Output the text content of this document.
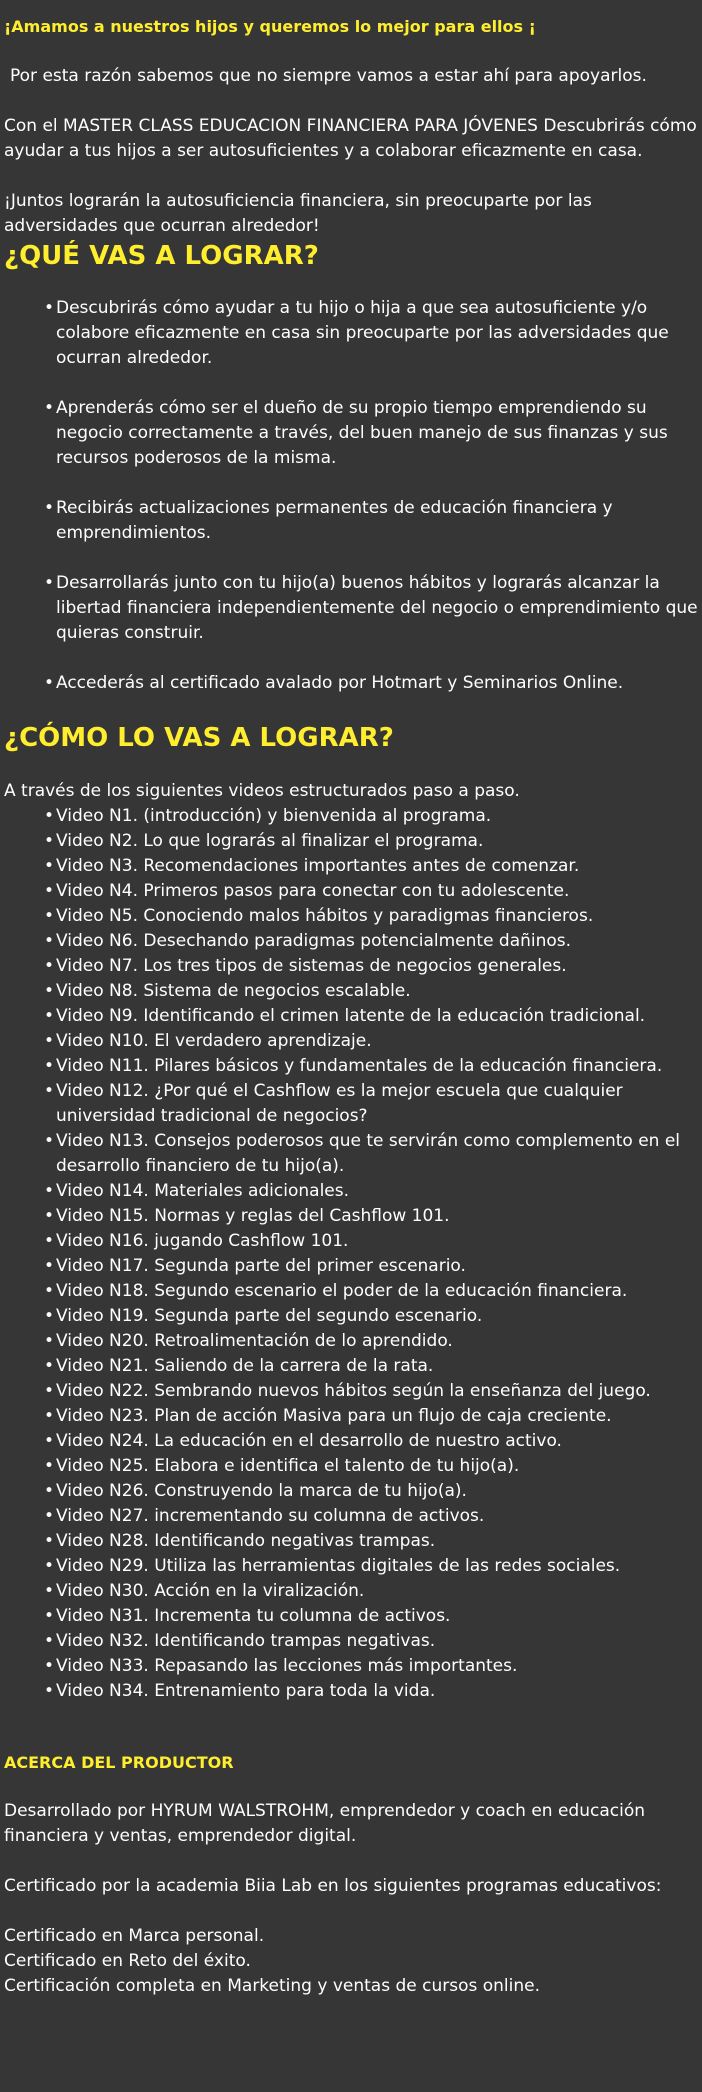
¡Amamos a nuestros hijos y queremos lo mejor para ellos ¡

Por esta razón sabemos que no siempre vamos a estar ahí para apoyarlos.

Con el MASTER CLASS EDUCACION FINANCIERA PARA JÓVENES Descubrirás cómo ayudar a tus hijos a ser autosuficientes y a colaborar eficazmente en casa.

¡Juntos lograrán la autosuficiencia financiera, sin preocuparte por las adversidades que ocurran alrededor!

¿QUÉ VAS A LOGRAR?
• Descubrirás cómo ayudar a tu hijo o hija a que sea autosuficiente y/o colabore eficazmente en casa sin preocuparte por las adversidades que ocurran alrededor.
• Aprenderás cómo ser el dueño de su propio tiempo emprendiendo su negocio correctamente a través, del buen manejo de sus finanzas y sus recursos poderosos de la misma.
• Recibirás actualizaciones permanentes de educación financiera y emprendimientos.
• Desarrollarás junto con tu hijo(a) buenos hábitos y lograrás alcanzar la libertad financiera independientemente del negocio o emprendimiento que quieras construir.
• Accederás al certificado avalado por Hotmart y Seminarios Online.
¿CÓMO LO VAS A LOGRAR?

A través de los siguientes videos estructurados paso a paso.

• Video N1. (introducción) y bienvenida al programa.
• Video N2. Lo que lograrás al finalizar el programa.
• Video N3. Recomendaciones importantes antes de comenzar.
• Video N4. Primeros pasos para conectar con tu adolescente.
• Video N5. Conociendo malos hábitos y paradigmas financieros.
• Video N6. Desechando paradigmas potencialmente dañinos.
• Video N7. Los tres tipos de sistemas de negocios generales.
• Video N8. Sistema de negocios escalable.
• Video N9. Identificando el crimen latente de la educación tradicional.
• Video N10. El verdadero aprendizaje.
• Video N11. Pilares básicos y fundamentales de la educación financiera.
• Video N12. ¿Por qué el Cashflow es la mejor escuela que cualquier universidad tradicional de negocios?
• Video N13. Consejos poderosos que te servirán como complemento en el desarrollo financiero de tu hijo(a).
• Video N14. Materiales adicionales.
• Video N15. Normas y reglas del Cashflow 101.
• Video N16. jugando Cashflow 101.
• Video N17. Segunda parte del primer escenario.
• Video N18. Segundo escenario el poder de la educación financiera.
• Video N19. Segunda parte del segundo escenario.
• Video N20. Retroalimentación de lo aprendido.
• Video N21. Saliendo de la carrera de la rata.
• Video N22. Sembrando nuevos hábitos según la enseñanza del juego.
• Video N23. Plan de acción Masiva para un flujo de caja creciente.
• Video N24. La educación en el desarrollo de nuestro activo.
• Video N25. Elabora e identifica el talento de tu hijo(a).
• Video N26. Construyendo la marca de tu hijo(a).
• Video N27. incrementando su columna de activos.
• Video N28. Identificando negativas trampas.
• Video N29. Utiliza las herramientas digitales de las redes sociales.
• Video N30. Acción en la viralización.
• Video N31. Incrementa tu columna de activos.
• Video N32. Identificando trampas negativas.
• Video N33. Repasando las lecciones más importantes.
• Video N34. Entrenamiento para toda la vida.
ACERCA DEL PRODUCTOR

Desarrollado por HYRUM WALSTROHM, emprendedor y coach en educación financiera y ventas, emprendedor digital.

Certificado por la academia Biia Lab en los siguientes programas educativos:

Certificado en Marca personal.
Certificado en Reto del éxito.
Certificación completa en Marketing y ventas de cursos online.
